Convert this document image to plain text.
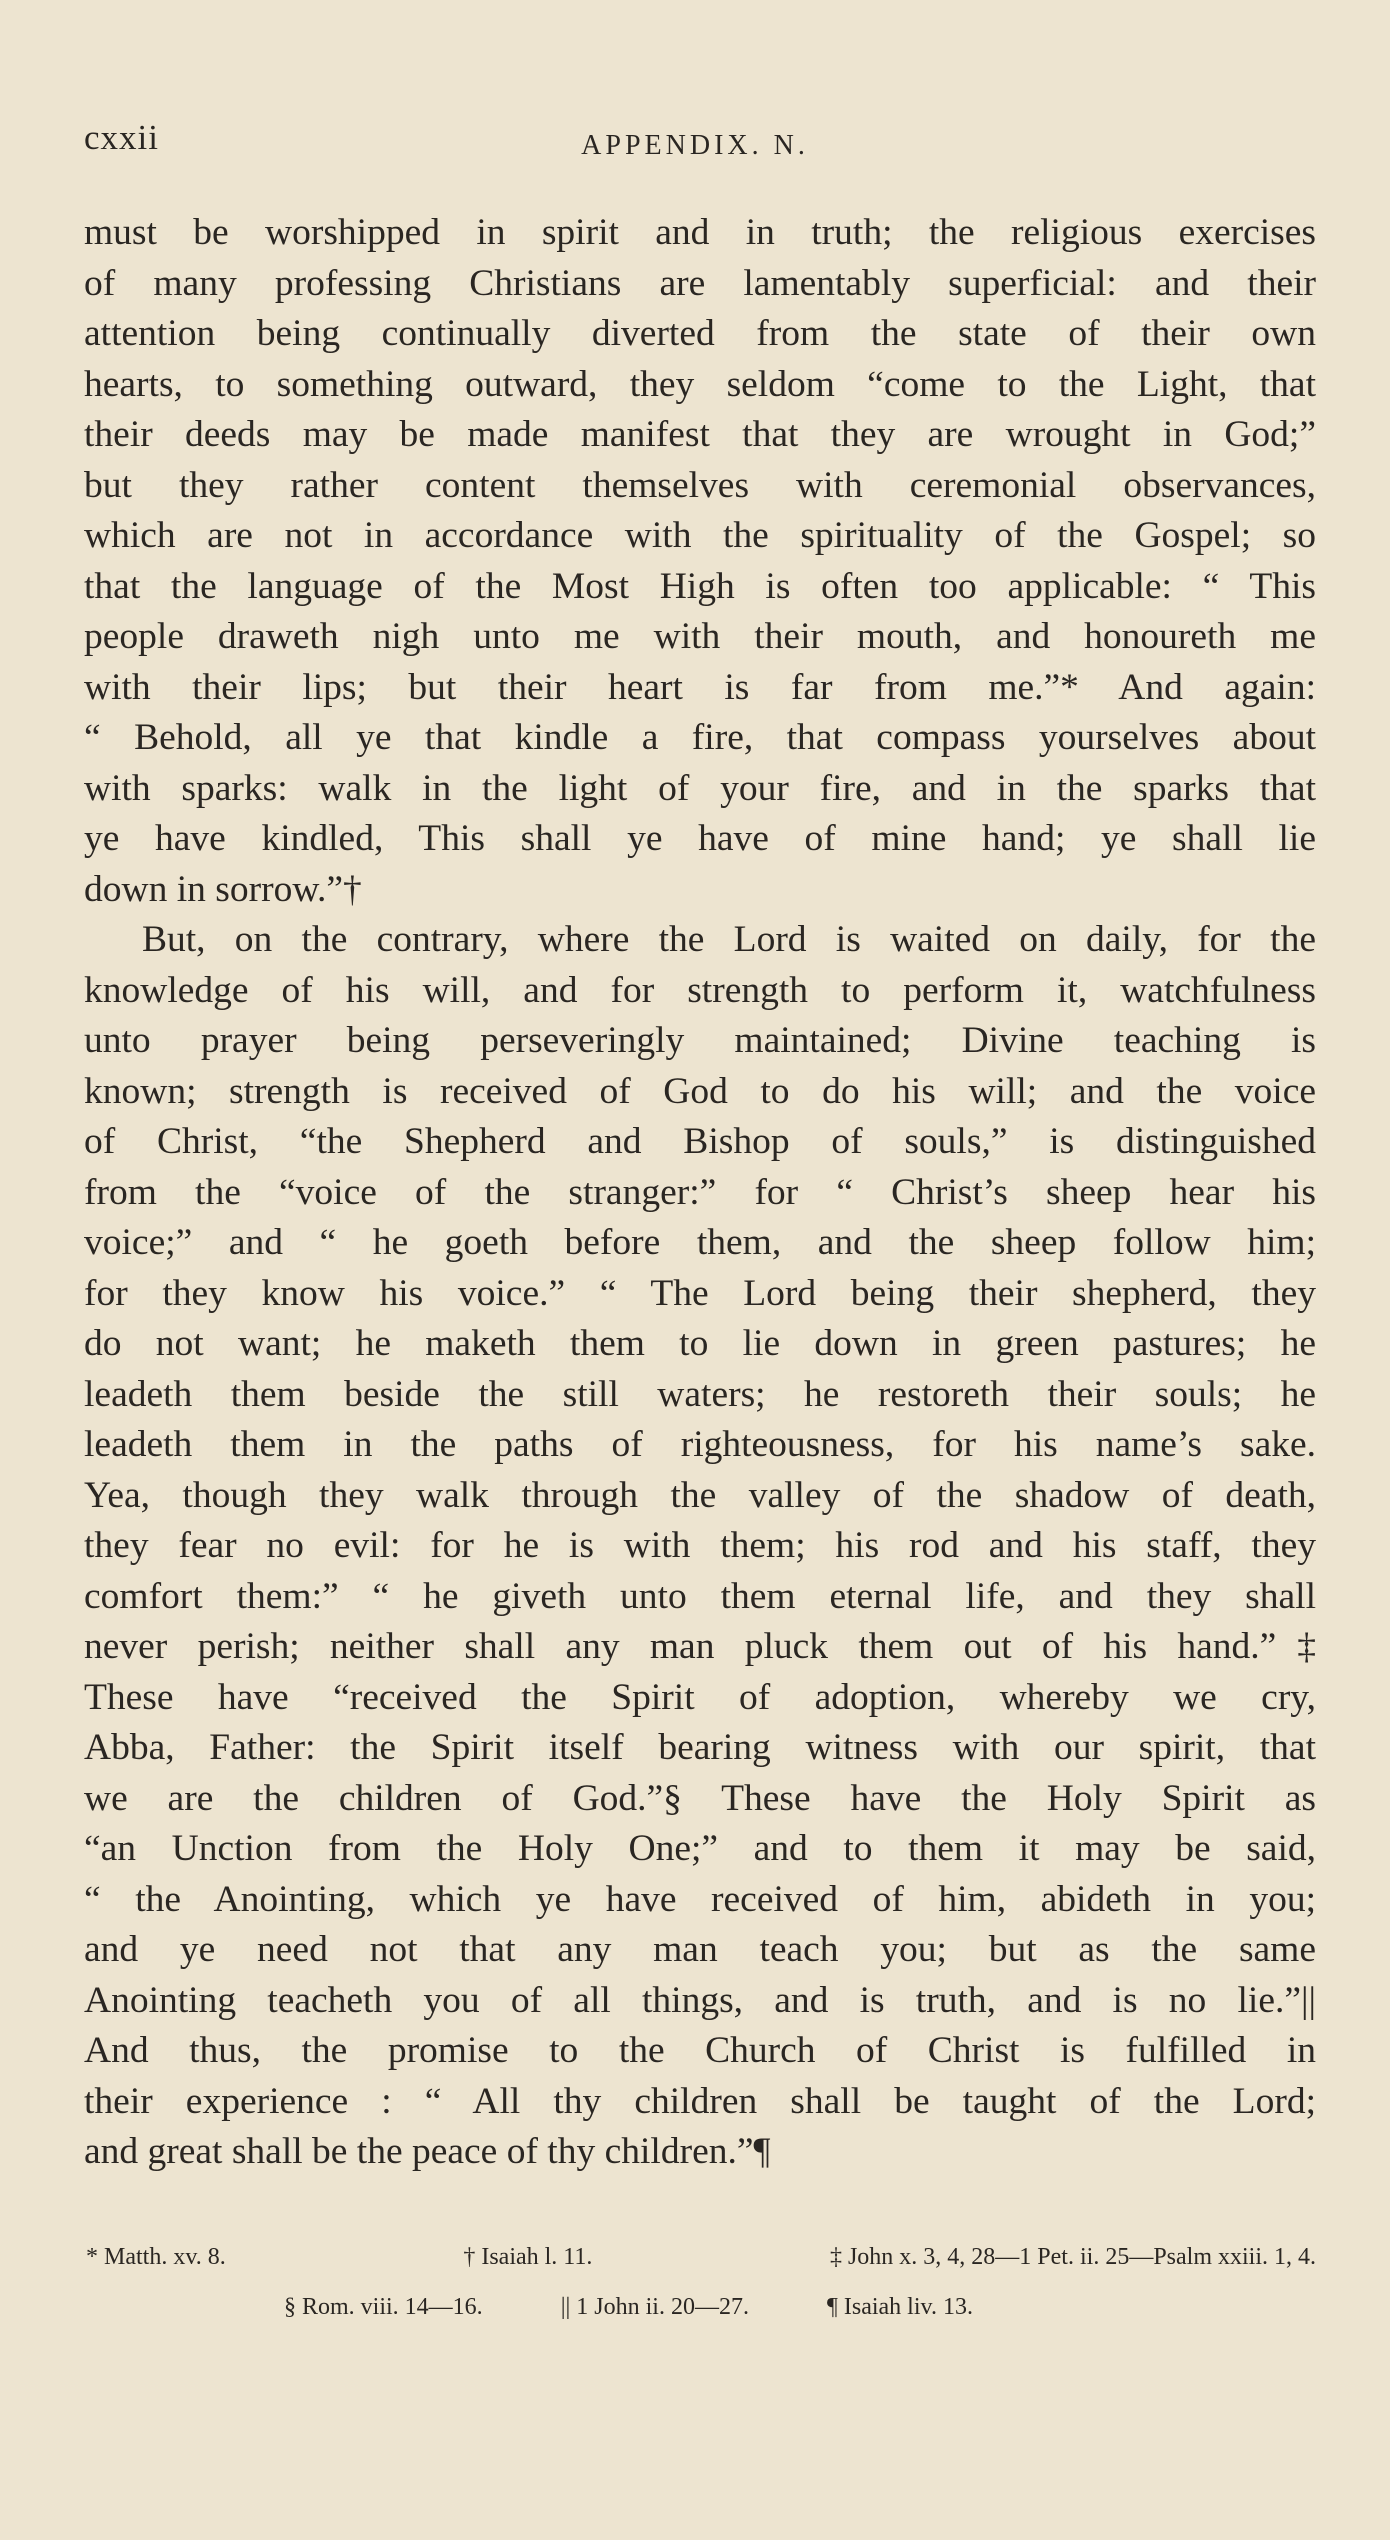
cxxii	APPENDIX. N.
must be worshipped in spirit and in truth; the religious exercises
of many professing Christians are lamentably superficial: and their
attention being continually diverted from the state of their own
hearts, to something outward, they seldom “come to the Light, that
their deeds may be made manifest that they are wrought in God;”
but they rather content themselves with ceremonial observances,
which are not in accordance with the spirituality of the Gospel; so
that the language of the Most High is often too applicable: “ This
people draweth nigh unto me with their mouth, and honoureth me
with their lips; but their heart is far from me.”* And again:
“ Behold, all ye that kindle a fire, that compass yourselves about
with sparks: walk in the light of your fire, and in the sparks that
ye have kindled, This shall ye have of mine hand; ye shall lie
down in sorrow.”†
But, on the contrary, where the Lord is waited on daily, for the
knowledge of his will, and for strength to perform it, watchfulness
unto prayer being perseveringly maintained; Divine teaching is
known; strength is received of God to do his will; and the voice
of Christ, “the Shepherd and Bishop of souls,” is distinguished
from the “voice of the stranger:” for “ Christ’s sheep hear his
voice;” and “ he goeth before them, and the sheep follow him;
for they know his voice.” “ The Lord being their shepherd, they
do not want; he maketh them to lie down in green pastures; he
leadeth them beside the still waters; he restoreth their souls; he
leadeth them in the paths of righteousness, for his name’s sake.
Yea, though they walk through the valley of the shadow of death,
they fear no evil: for he is with them; his rod and his staff, they
comfort them:” “ he giveth unto them eternal life, and they shall
never perish; neither shall any man pluck them out of his hand.”‡
These have “received the Spirit of adoption, whereby we cry,
Abba, Father: the Spirit itself bearing witness with our spirit, that
we are the children of God.”§ These have the Holy Spirit as
“an Unction from the Holy One;” and to them it may be said,
“ the Anointing, which ye have received of him, abideth in you;
and ye need not that any man teach you; but as the same
Anointing teacheth you of all things, and is truth, and is no lie.”||
And thus, the promise to the Church of Christ is fulfilled in
their experience : “ All thy children shall be taught of the Lord;
and great shall be the peace of thy children.”¶
* Matth. xv. 8.	† Isaiah l. 11.	‡ John x. 3, 4, 28—1 Pet. ii. 25—Psalm xxiii. 1, 4.
§ Rom. viii. 14—16.	|| 1 John ii. 20—27.	¶ Isaiah liv. 13.
